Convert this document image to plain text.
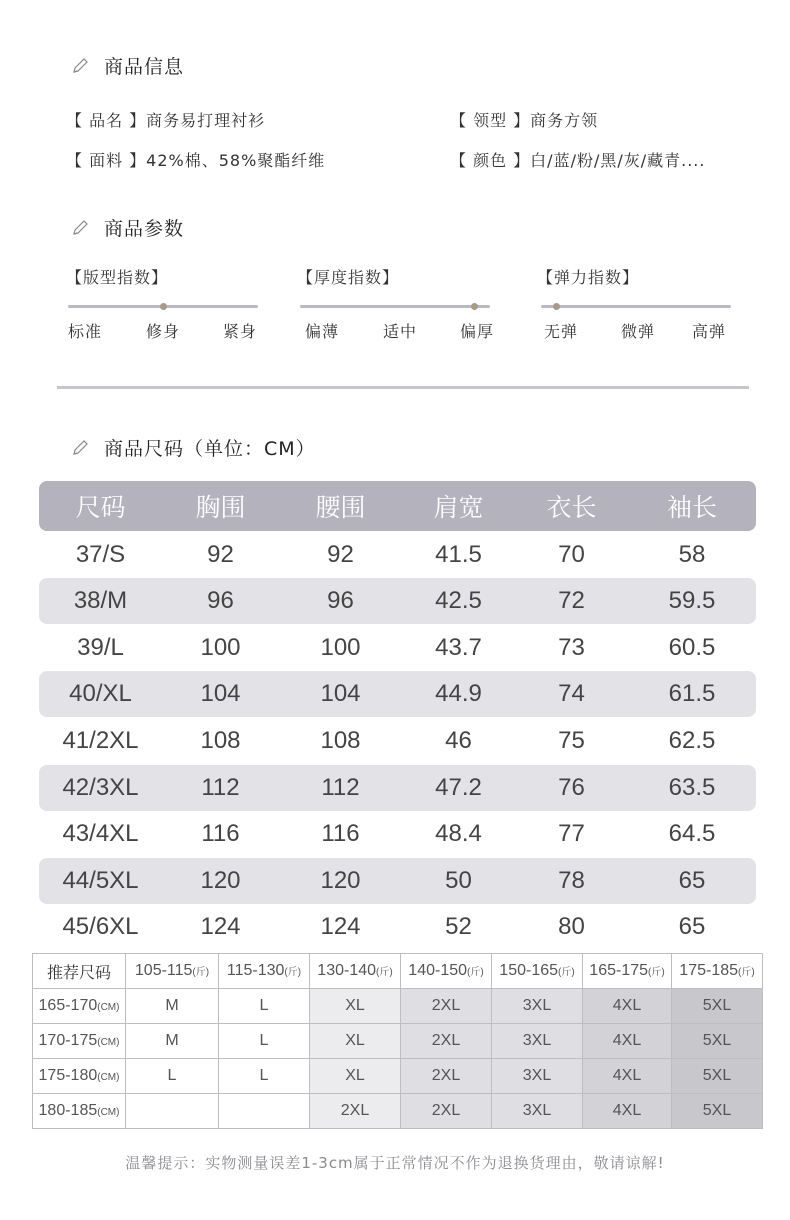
商品信息
【 品名 】商务易打理衬衫	【 领型 】商务方领
【 面料 】42%棉、58%聚酯纤维	【 颜色 】白/蓝/粉/黑/灰/藏青....
商品参数
【版型指数】
标准	修身	紧身
【厚度指数】
偏薄	适中	偏厚
【弹力指数】
无弹	微弹 高弹
商品尺码（单位：CM）
尺码	胸围	腰围	肩宽	衣长	袖长
37/S	92	92	41.5	70	58
38/M	96	96	42.5	72	59.5
39/L	100	100	43.7	73	60.5
40/XL	104	104	44.9	74	61.5
41/2XL	108	108	46	75	62.5
42/3XL	112	112	47.2	76	63.5
43/4XL	116	116	48.4	77	64.5
44/5XL	120	120	50	78	65
45/6XL	124	124	52	80	65
推荐尺码	105-115(斤)	115-130(斤)	130-140(斤)	140-150(斤)	150-165(斤)	165-175(斤)	175-185(斤)
165-170(CM)	M	L	XL	2XL	3XL	4XL	5XL
170-175(CM)	M	L	XL	2XL	3XL	4XL	5XL
175-180(CM)	L	L	XL	2XL	3XL	4XL	5XL
180-185(CM)			2XL	2XL	3XL	4XL	5XL
温馨提示：实物测量误差1-3cm属于正常情况不作为退换货理由，敬请谅解!
